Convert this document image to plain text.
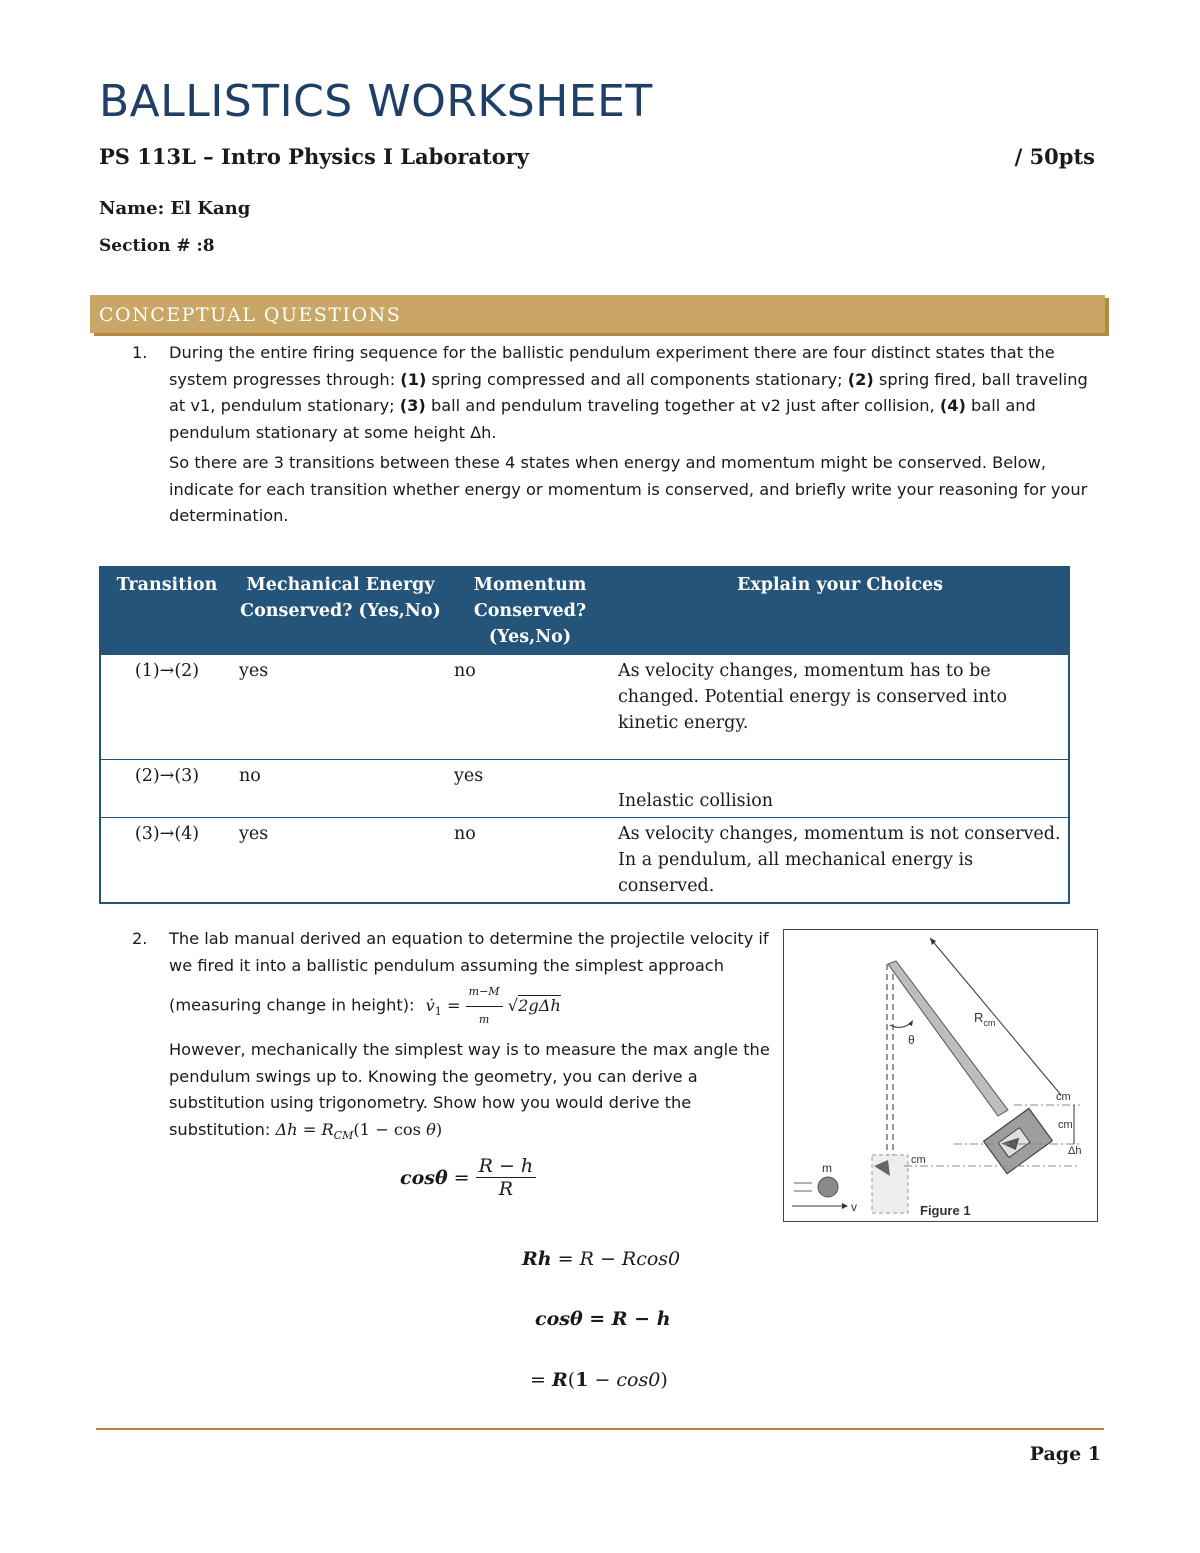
BALLISTICS WORKSHEET
PS 113L – Intro Physics I Laboratory	/ 50pts
Name: El Kang
Section # :8
CONCEPTUAL QUESTIONS
1. During the entire firing sequence for the ballistic pendulum experiment there are four distinct states that the system progresses through: (1) spring compressed and all components stationary; (2) spring fired, ball traveling at v1, pendulum stationary; (3) ball and pendulum traveling together at v2 just after collision, (4) ball and pendulum stationary at some height Δh.

So there are 3 transitions between these 4 states when energy and momentum might be conserved. Below, indicate for each transition whether energy or momentum is conserved, and briefly write your reasoning for your determination.

Transition	Mechanical Energy Conserved? (Yes,No)	Momentum Conserved? (Yes,No)	Explain your Choices
(1)→(2)	yes	no	As velocity changes, momentum has to be changed. Potential energy is conserved into kinetic energy.
(2)→(3)	no	yes	Inelastic collision
(3)→(4)	yes	no	As velocity changes, momentum is not conserved. In a pendulum, all mechanical energy is conserved.
2. The lab manual derived an equation to determine the projectile velocity if we fired it into a ballistic pendulum assuming the simplest approach (measuring change in height): $v̇_1 = \frac{m-M}{m} √2g\Delta h$

However, mechanically the simplest way is to measure the max angle the pendulum swings up to. Knowing the geometry, you can derive a substitution using trigonometry. Show how you would derive the substitution: $\Delta h = R_{CM}(1 - \cos \theta)$

$\cos\theta = \frac{R - h}{R}$
Rh = R − Rcos0
cosθ = R − h
= R(1 − cos0)
θ
$R_{cm}$
cm
cm
Δh
cm
m
v	Figure 1
Page 1
